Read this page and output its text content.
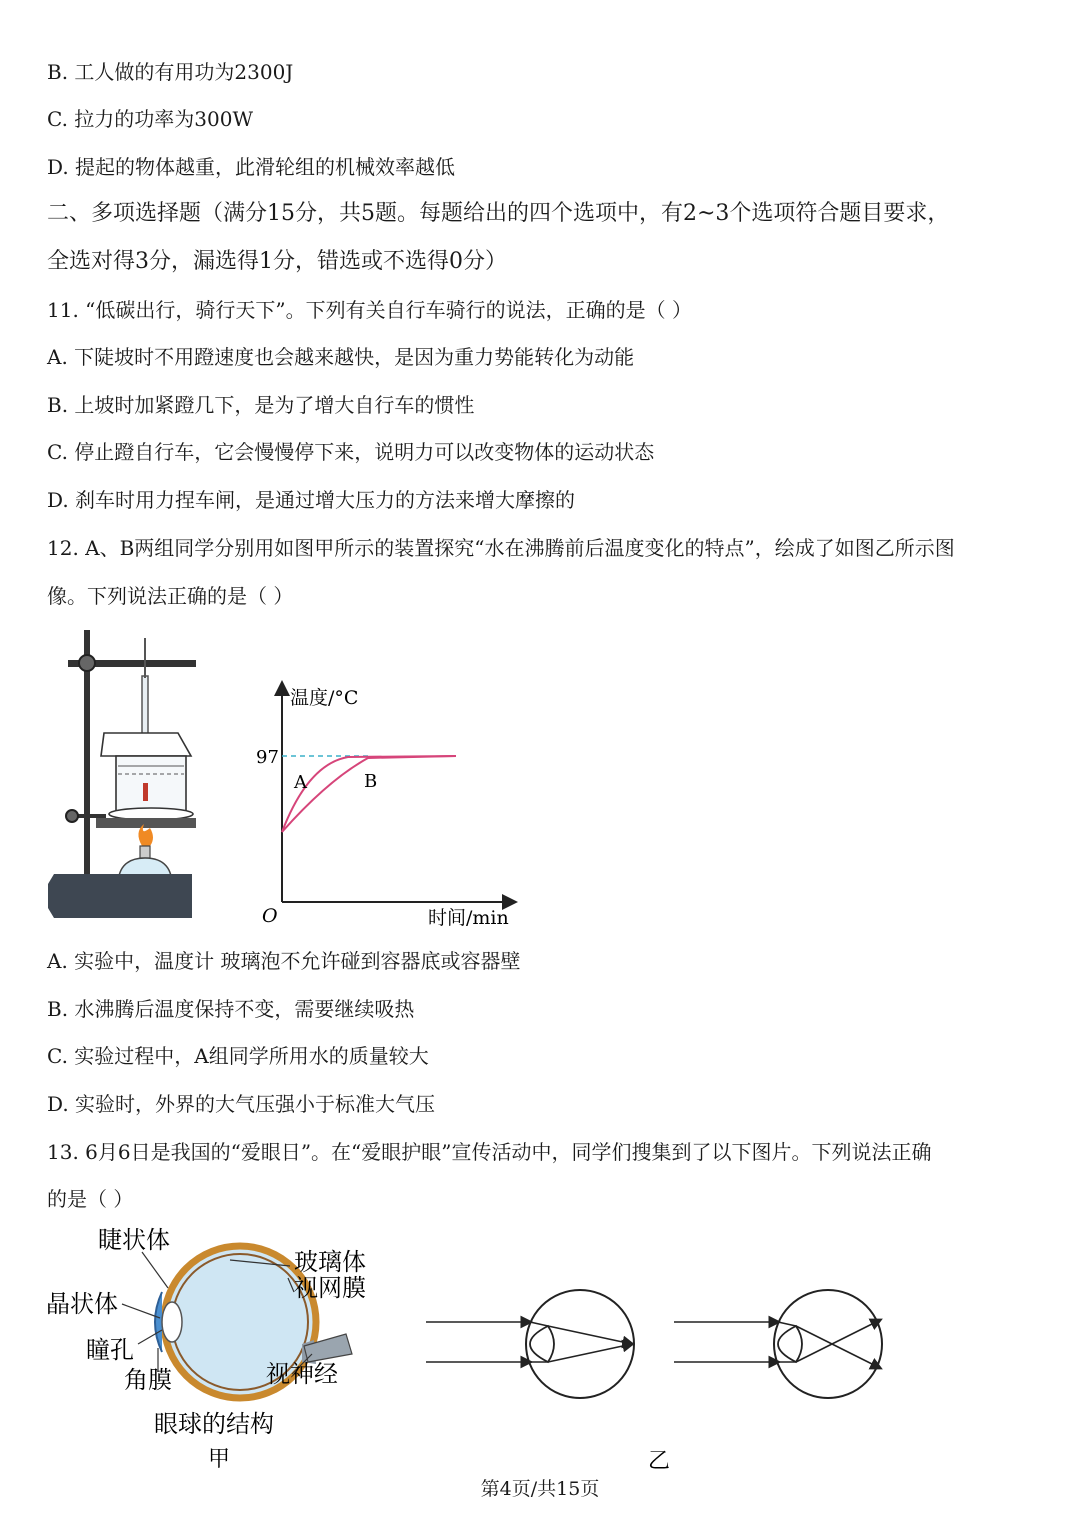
B. 工人做的有用功为2300J
C. 拉力的功率为300W
D. 提起的物体越重，此滑轮组的机械效率越低
二、多项选择题（满分15分，共5题。每题给出的四个选项中，有2~3个选项符合题目要求，
全选对得3分，漏选得1分，错选或不选得0分）
11. “低碳出行，骑行天下”。下列有关自行车骑行的说法，正确的是（ ）
A. 下陡坡时不用蹬速度也会越来越快，是因为重力势能转化为动能
B. 上坡时加紧蹬几下，是为了增大自行车的惯性
C. 停止蹬自行车，它会慢慢停下来，说明力可以改变物体的运动状态
D. 刹车时用力捏车闸，是通过增大压力的方法来增大摩擦的
12. A、B两组同学分别用如图甲所示的装置探究“水在沸腾前后温度变化的特点”，绘成了如图乙所示图
像。下列说法正确的是（ ）
温度/°C
97
A	B
O	时间/min
A. 实验中，温度计 玻璃泡不允许碰到容器底或容器壁
B. 水沸腾后温度保持不变，需要继续吸热
C. 实验过程中，A组同学所用水的质量较大
D. 实验时，外界的大气压强小于标准大气压
13. 6月6日是我国的“爱眼日”。在“爱眼护眼”宣传活动中，同学们搜集到了以下图片。下列说法正确
的是（ ）
睫状体
玻璃体
视网膜
晶状体
瞳孔
角膜	视神经
眼球的结构
甲	乙
第4页/共15页
